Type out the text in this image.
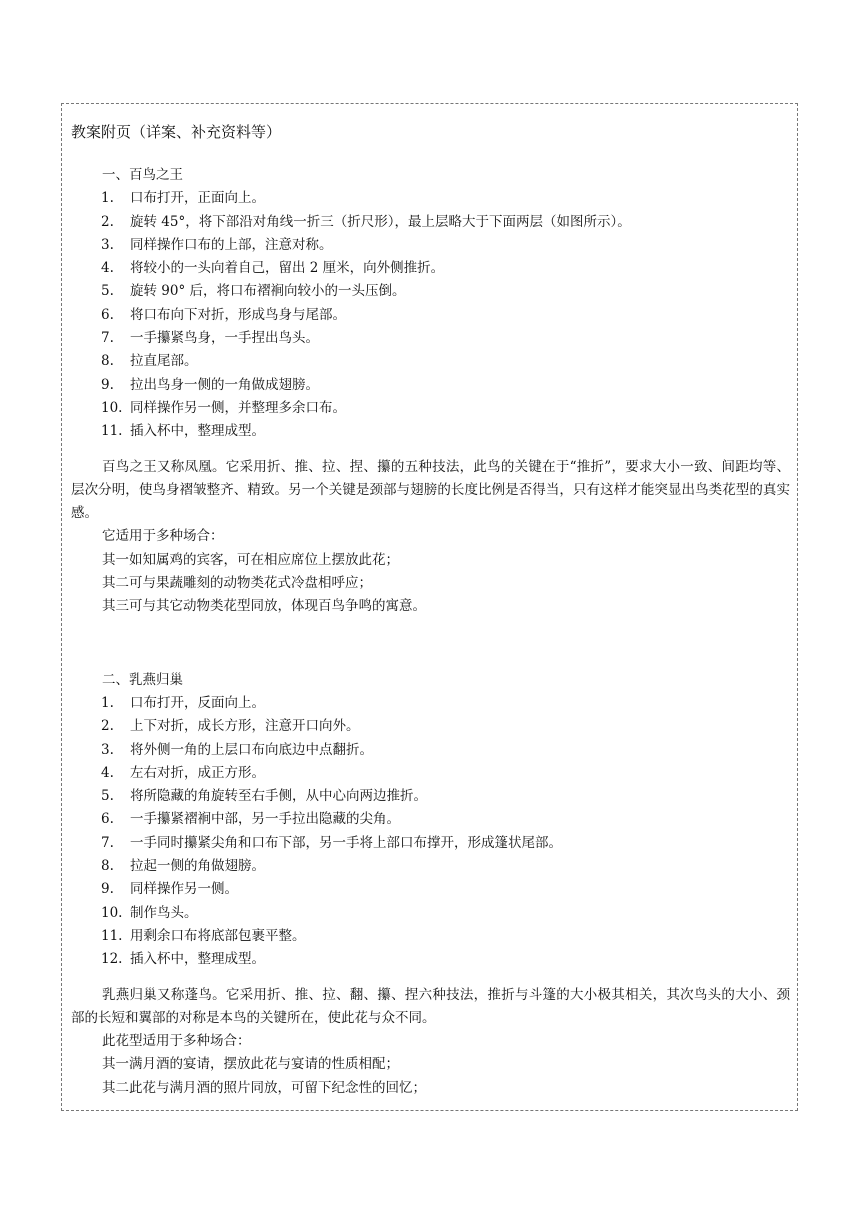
教案附页（详案、补充资料等）
一、百鸟之王
1.	口布打开，正面向上。
2.	旋转 45°，将下部沿对角线一折三（折尺形），最上层略大于下面两层（如图所示）。
3.	同样操作口布的上部，注意对称。
4.	将较小的一头向着自己，留出 2 厘米，向外侧推折。
5.	旋转 90° 后，将口布褶裥向较小的一头压倒。
6.	将口布向下对折，形成鸟身与尾部。
7.	一手攥紧鸟身，一手捏出鸟头。
8.	拉直尾部。
9.	拉出鸟身一侧的一角做成翅膀。
10. 同样操作另一侧，并整理多余口布。
11. 插入杯中，整理成型。
百鸟之王又称凤凰。它采用折、推、拉、捏、攥的五种技法，此鸟的关键在于“推折”，要求大小一致、间距均等、层次分明，使鸟身褶皱整齐、精致。另一个关键是颈部与翅膀的长度比例是否得当，只有这样才能突显出鸟类花型的真实感。
它适用于多种场合：
其一如知属鸡的宾客，可在相应席位上摆放此花；
其二可与果蔬雕刻的动物类花式冷盘相呼应；
其三可与其它动物类花型同放，体现百鸟争鸣的寓意。
二、乳燕归巢
1.	口布打开，反面向上。
2.	上下对折，成长方形，注意开口向外。
3.	将外侧一角的上层口布向底边中点翻折。
4.	左右对折，成正方形。
5.	将所隐藏的角旋转至右手侧，从中心向两边推折。
6.	一手攥紧褶裥中部，另一手拉出隐藏的尖角。
7.	一手同时攥紧尖角和口布下部，另一手将上部口布撑开，形成篷状尾部。
8.	拉起一侧的角做翅膀。
9.	同样操作另一侧。
10. 制作鸟头。
11. 用剩余口布将底部包裹平整。
12. 插入杯中，整理成型。
乳燕归巢又称蓬鸟。它采用折、推、拉、翻、攥、捏六种技法，推折与斗篷的大小极其相关，其次鸟头的大小、颈部的长短和翼部的对称是本鸟的关键所在，使此花与众不同。
此花型适用于多种场合：
其一满月酒的宴请，摆放此花与宴请的性质相配；
其二此花与满月酒的照片同放，可留下纪念性的回忆；
